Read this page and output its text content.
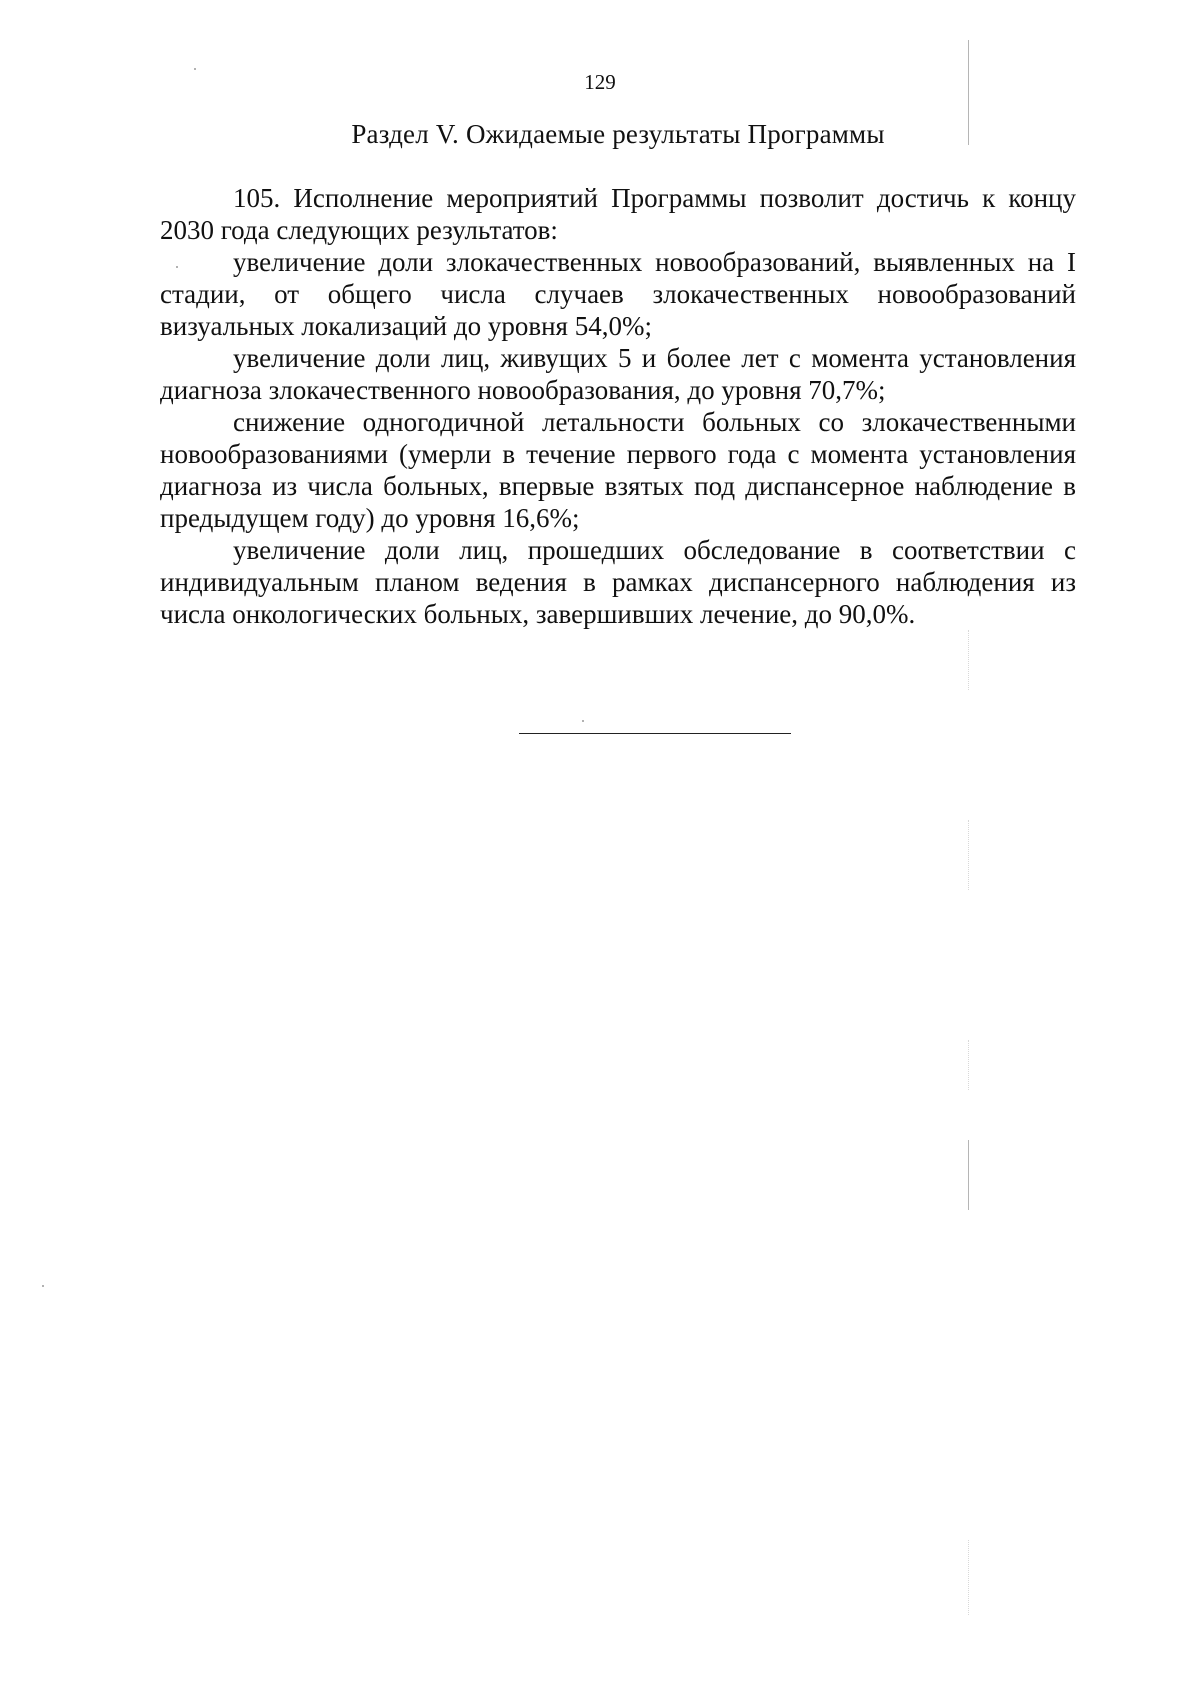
129
Раздел V. Ожидаемые результаты Программы

105. Исполнение мероприятий Программы позволит достичь к концу 2030 года следующих результатов:

увеличение доли злокачественных новообразований, выявленных на I стадии, от общего числа случаев злокачественных новообразований визуальных локализаций до уровня 54,0%;

увеличение доли лиц, живущих 5 и более лет с момента установления диагноза злокачественного новообразования, до уровня 70,7%;

снижение одногодичной летальности больных со злокачественными новообразованиями (умерли в течение первого года с момента установления диагноза из числа больных, впервые взятых под диспансерное наблюдение в предыдущем году) до уровня 16,6%;

увеличение доли лиц, прошедших обследование в соответствии с индивидуальным планом ведения в рамках диспансерного наблюдения из числа онкологических больных, завершивших лечение, до 90,0%.
